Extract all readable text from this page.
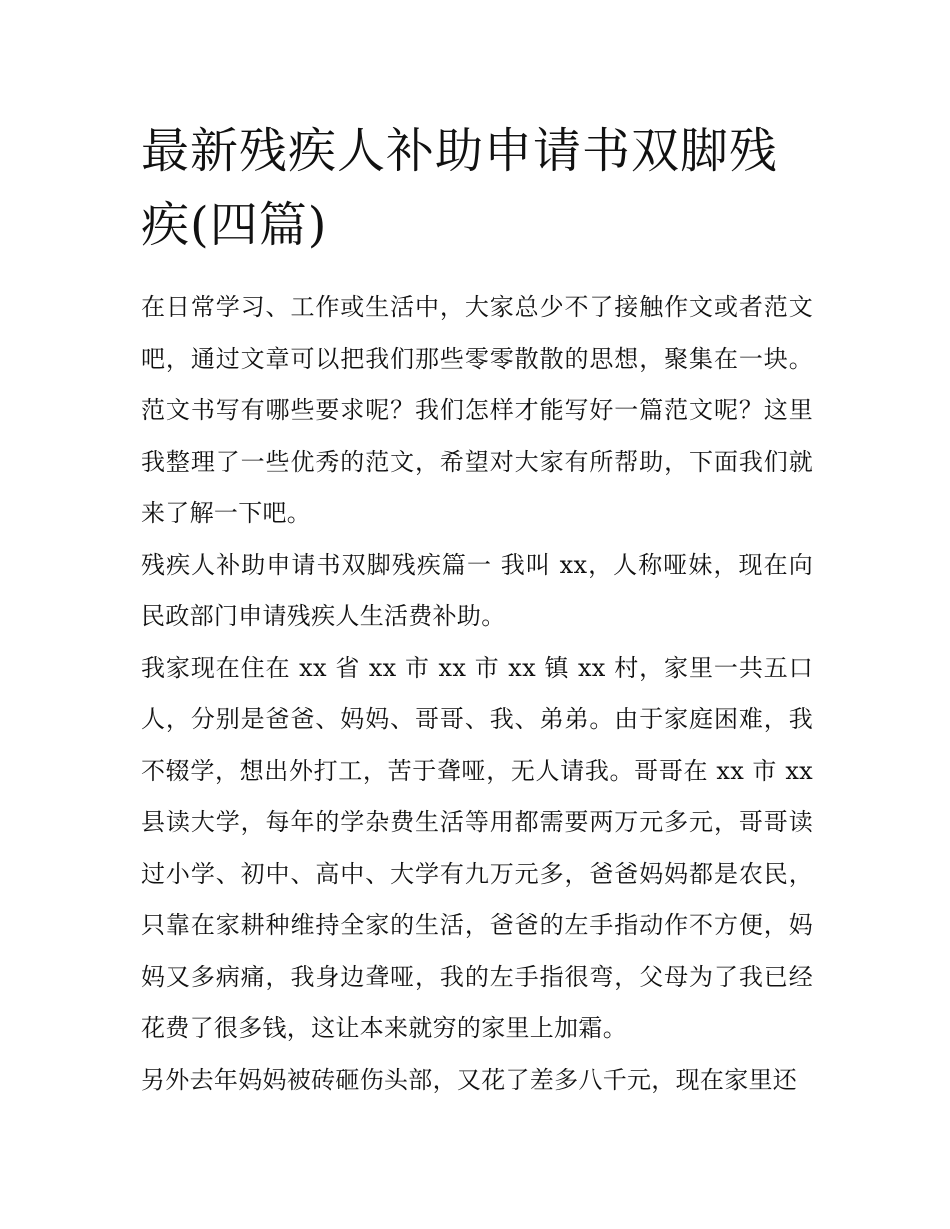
最新残疾人补助申请书双脚残疾(四篇)

在日常学习、工作或生活中，大家总少不了接触作文或者范文吧，通过文章可以把我们那些零零散散的思想，聚集在一块。范文书写有哪些要求呢？我们怎样才能写好一篇范文呢？这里我整理了一些优秀的范文，希望对大家有所帮助，下面我们就来了解一下吧。

残疾人补助申请书双脚残疾篇一 我叫 xx，人称哑妹，现在向民政部门申请残疾人生活费补助。

我家现在住在 xx 省 xx 市 xx 市 xx 镇 xx 村，家里一共五口人，分别是爸爸、妈妈、哥哥、我、弟弟。由于家庭困难，我不辍学，想出外打工，苦于聋哑，无人请我。哥哥在 xx 市 xx 县读大学，每年的学杂费生活等用都需要两万元多元，哥哥读过小学、初中、高中、大学有九万元多，爸爸妈妈都是农民，只靠在家耕种维持全家的生活，爸爸的左手指动作不方便，妈妈又多病痛，我身边聋哑，我的左手指很弯，父母为了我已经花费了很多钱，这让本来就穷的家里上加霜。

另外去年妈妈被砖砸伤头部，又花了差多八千元，现在家里还
